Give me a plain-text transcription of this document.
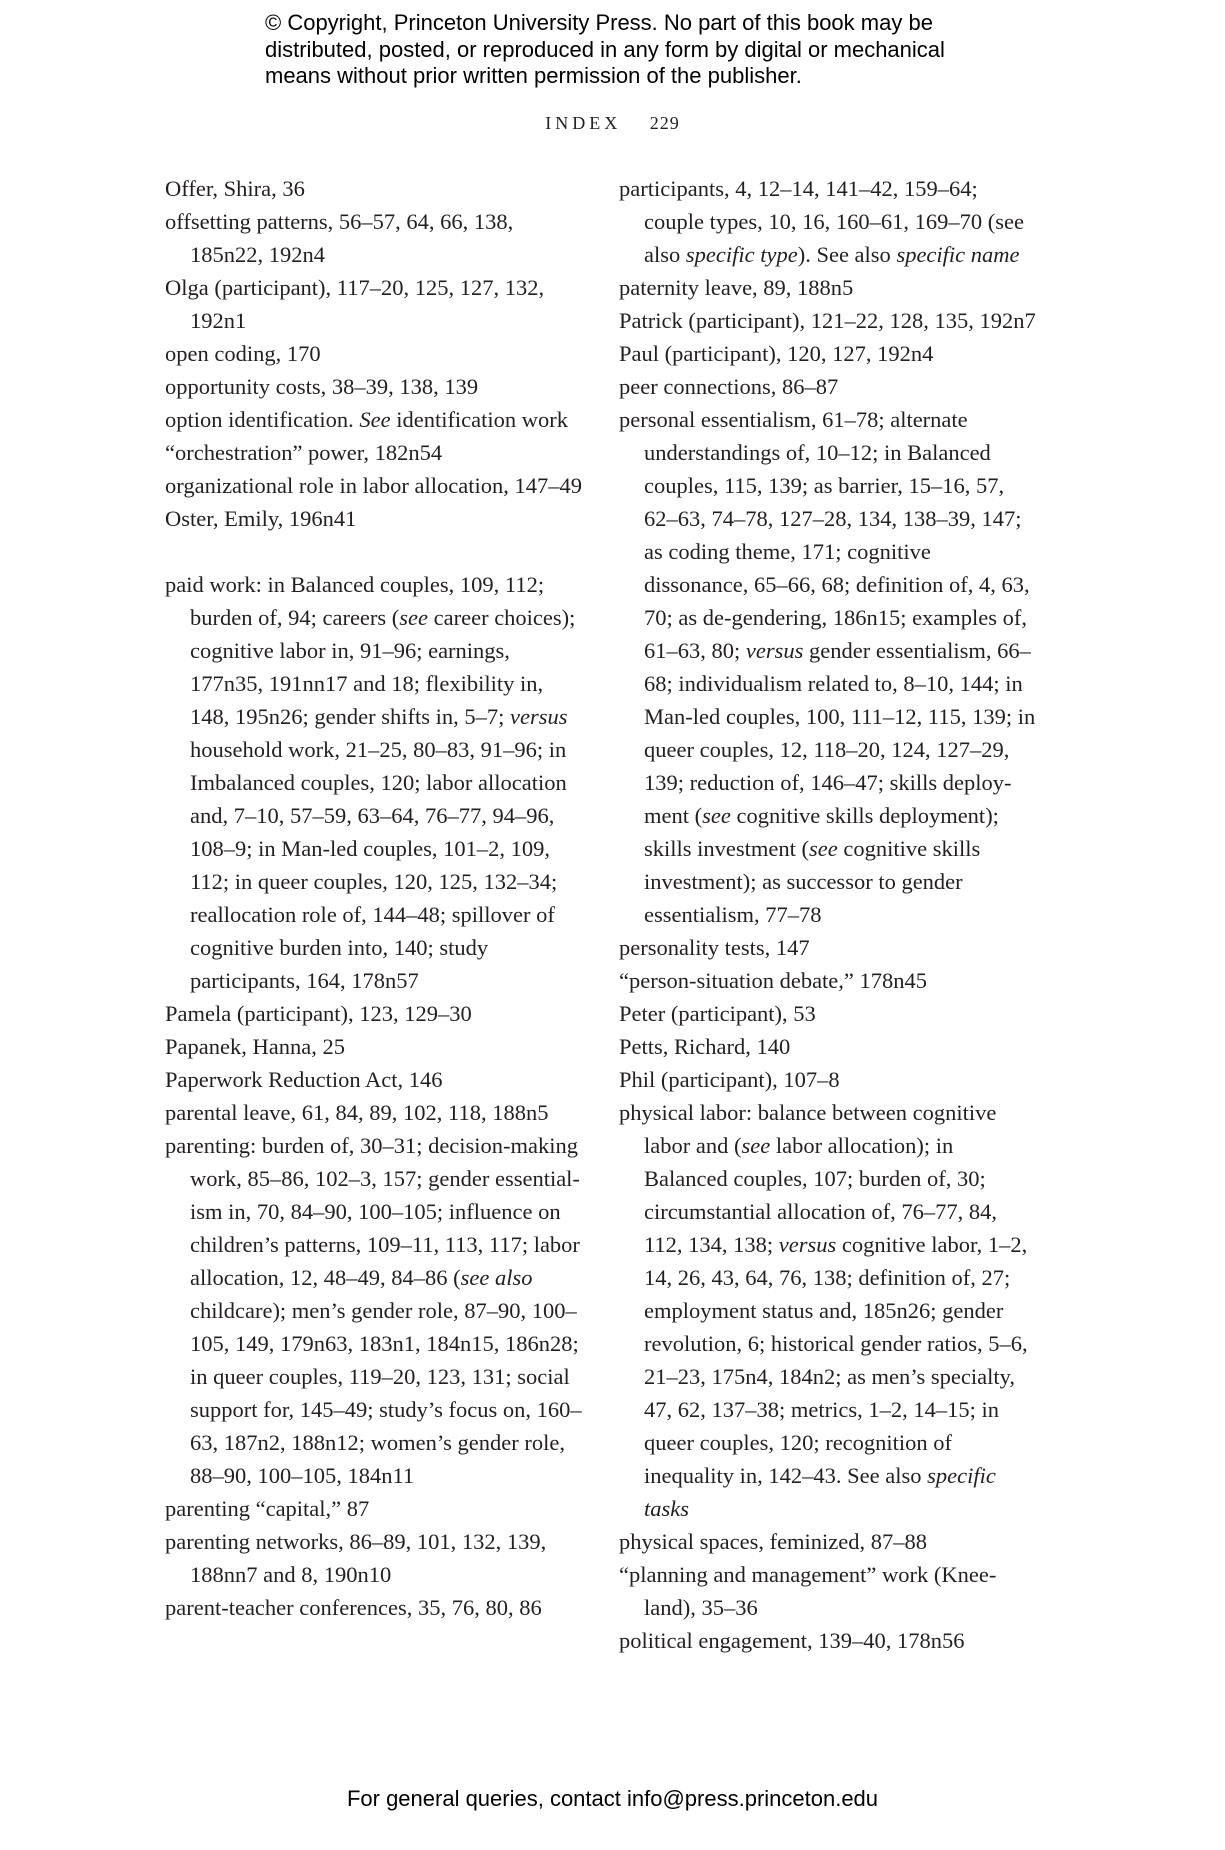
© Copyright, Princeton University Press. No part of this book may be
distributed, posted, or reproduced in any form by digital or mechanical
means without prior written permission of the publisher.
INDEX 229
Offer, Shira, 36
offsetting patterns, 56–57, 64, 66, 138, 185n22, 192n4
Olga (participant), 117–20, 125, 127, 132, 192n1
open coding, 170
opportunity costs, 38–39, 138, 139
option identification. See identification work
“orchestration” power, 182n54
organizational role in labor allocation, 147–49
Oster, Emily, 196n41
paid work: in Balanced couples, 109, 112; burden of, 94; careers (see career choices); cognitive labor in, 91–96; earnings, 177n35, 191nn17 and 18; flexibility in, 148, 195n26; gender shifts in, 5–7; versus household work, 21–25, 80–83, 91–96; in Imbalanced couples, 120; labor allocation and, 7–10, 57–59, 63–64, 76–77, 94–96, 108–9; in Man-led couples, 101–2, 109, 112; in queer couples, 120, 125, 132–34; reallocation role of, 144–48; spillover of cognitive burden into, 140; study participants, 164, 178n57
Pamela (participant), 123, 129–30
Papanek, Hanna, 25
Paperwork Reduction Act, 146
parental leave, 61, 84, 89, 102, 118, 188n5
parenting: burden of, 30–31; decision-making work, 85–86, 102–3, 157; gender essential-ism in, 70, 84–90, 100–105; influence on children’s patterns, 109–11, 113, 117; labor allocation, 12, 48–49, 84–86 (see also childcare); men’s gender role, 87–90, 100–105, 149, 179n63, 183n1, 184n15, 186n28; in queer couples, 119–20, 123, 131; social support for, 145–49; study’s focus on, 160–63, 187n2, 188n12; women’s gender role, 88–90, 100–105, 184n11
parenting “capital,” 87
parenting networks, 86–89, 101, 132, 139, 188nn7 and 8, 190n10
parent-teacher conferences, 35, 76, 80, 86
participants, 4, 12–14, 141–42, 159–64; couple types, 10, 16, 160–61, 169–70 (see also specific type). See also specific name
paternity leave, 89, 188n5
Patrick (participant), 121–22, 128, 135, 192n7
Paul (participant), 120, 127, 192n4
peer connections, 86–87
personal essentialism, 61–78; alternate understandings of, 10–12; in Balanced couples, 115, 139; as barrier, 15–16, 57, 62–63, 74–78, 127–28, 134, 138–39, 147; as coding theme, 171; cognitive dissonance, 65–66, 68; definition of, 4, 63, 70; as de-gendering, 186n15; examples of, 61–63, 80; versus gender essentialism, 66–68; individualism related to, 8–10, 144; in Man-led couples, 100, 111–12, 115, 139; in queer couples, 12, 118–20, 124, 127–29, 139; reduction of, 146–47; skills deploy-ment (see cognitive skills deployment); skills investment (see cognitive skills investment); as successor to gender essentialism, 77–78
personality tests, 147
“person-situation debate,” 178n45
Peter (participant), 53
Petts, Richard, 140
Phil (participant), 107–8
physical labor: balance between cognitive labor and (see labor allocation); in Balanced couples, 107; burden of, 30; circumstantial allocation of, 76–77, 84, 112, 134, 138; versus cognitive labor, 1–2, 14, 26, 43, 64, 76, 138; definition of, 27; employment status and, 185n26; gender revolution, 6; historical gender ratios, 5–6, 21–23, 175n4, 184n2; as men’s specialty, 47, 62, 137–38; metrics, 1–2, 14–15; in queer couples, 120; recognition of inequality in, 142–43. See also specific tasks
physical spaces, feminized, 87–88
“planning and management” work (Knee-land), 35–36
political engagement, 139–40, 178n56
For general queries, contact info@press.princeton.edu
